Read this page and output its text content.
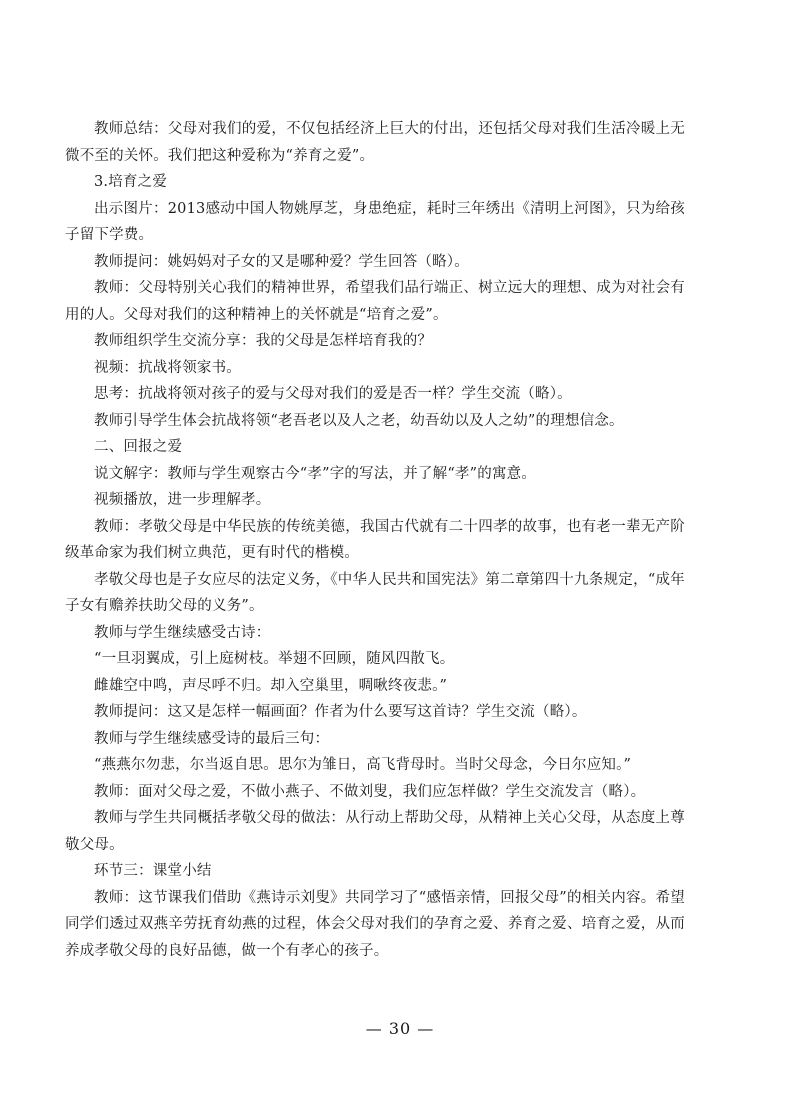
教师总结：父母对我们的爱，不仅包括经济上巨大的付出，还包括父母对我们生活冷暖上无微不至的关怀。我们把这种爱称为“养育之爱”。

3.培育之爱

出示图片：2013感动中国人物姚厚芝，身患绝症，耗时三年绣出《清明上河图》，只为给孩子留下学费。

教师提问：姚妈妈对子女的又是哪种爱？学生回答（略）。

教师：父母特别关心我们的精神世界，希望我们品行端正、树立远大的理想、成为对社会有用的人。父母对我们的这种精神上的关怀就是“培育之爱”。

教师组织学生交流分享：我的父母是怎样培育我的？

视频：抗战将领家书。

思考：抗战将领对孩子的爱与父母对我们的爱是否一样？学生交流（略）。

教师引导学生体会抗战将领“老吾老以及人之老，幼吾幼以及人之幼”的理想信念。

二、回报之爱

说文解字：教师与学生观察古今“孝”字的写法，并了解“孝”的寓意。

视频播放，进一步理解孝。

教师：孝敬父母是中华民族的传统美德，我国古代就有二十四孝的故事，也有老一辈无产阶级革命家为我们树立典范，更有时代的楷模。

孝敬父母也是子女应尽的法定义务，《中华人民共和国宪法》第二章第四十九条规定，“成年子女有赡养扶助父母的义务”。

教师与学生继续感受古诗：

“一旦羽翼成，引上庭树枝。举翅不回顾，随风四散飞。

雌雄空中鸣，声尽呼不归。却入空巢里，啁啾终夜悲。”

教师提问：这又是怎样一幅画面？作者为什么要写这首诗？学生交流（略）。

教师与学生继续感受诗的最后三句：

“燕燕尔勿悲，尔当返自思。思尔为雏日，高飞背母时。当时父母念，今日尔应知。”

教师：面对父母之爱，不做小燕子、不做刘叟，我们应怎样做？学生交流发言（略）。

教师与学生共同概括孝敬父母的做法：从行动上帮助父母，从精神上关心父母，从态度上尊敬父母。

环节三：课堂小结

教师：这节课我们借助《燕诗示刘叟》共同学习了“感悟亲情，回报父母”的相关内容。希望同学们透过双燕辛劳抚育幼燕的过程，体会父母对我们的孕育之爱、养育之爱、培育之爱，从而养成孝敬父母的良好品德，做一个有孝心的孩子。

— 30 —
